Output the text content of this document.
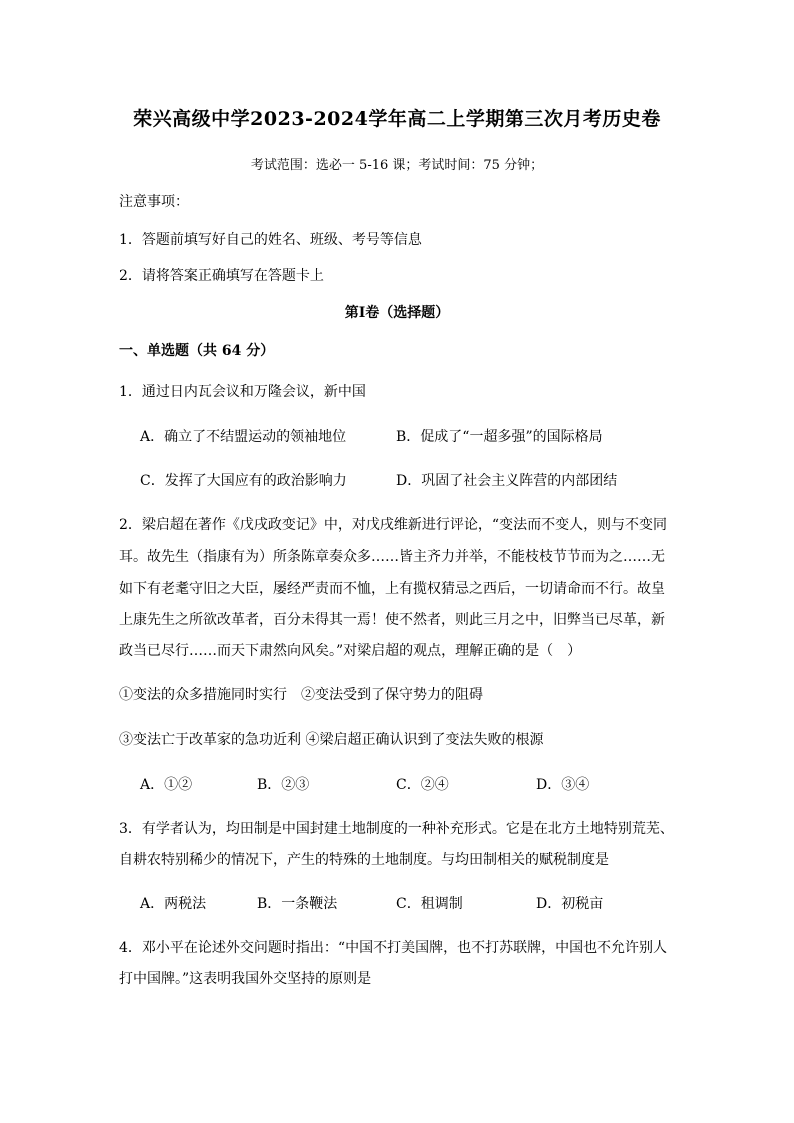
荣兴高级中学2023-2024学年高二上学期第三次月考历史卷
考试范围：选必一 5-16 课；考试时间：75 分钟；
注意事项：
1．答题前填写好自己的姓名、班级、考号等信息
2．请将答案正确填写在答题卡上
第Ⅰ卷（选择题）
一、单选题（共 64 分）
1．通过日内瓦会议和万隆会议，新中国
A．确立了不结盟运动的领袖地位	B．促成了“一超多强”的国际格局
C．发挥了大国应有的政治影响力	D．巩固了社会主义阵营的内部团结
2．梁启超在著作《戊戌政变记》中，对戊戌维新进行评论，“变法而不变人，则与不变同
耳。故先生（指康有为）所条陈章奏众多……皆主齐力并举，不能枝枝节节而为之……无
如下有老耄守旧之大臣，屡经严责而不恤，上有揽权猜忌之西后，一切请命而不行。故皇
上康先生之所欲改革者，百分未得其一焉！使不然者，则此三月之中，旧弊当已尽革，新
政当已尽行……而天下肃然向风矣。”对梁启超的观点，理解正确的是（　）
①变法的众多措施同时实行　②变法受到了保守势力的阻碍
③变法亡于改革家的急功近利 ④梁启超正确认识到了变法失败的根源
A．①②	B．②③	C．②④	D．③④
3．有学者认为，均田制是中国封建土地制度的一种补充形式。它是在北方土地特别荒芜、
自耕农特别稀少的情况下，产生的特殊的土地制度。与均田制相关的赋税制度是
A．两税法	B．一条鞭法	C．租调制	D．初税亩
4．邓小平在论述外交问题时指出：“中国不打美国牌，也不打苏联牌，中国也不允许别人
打中国牌。”这表明我国外交坚持的原则是
